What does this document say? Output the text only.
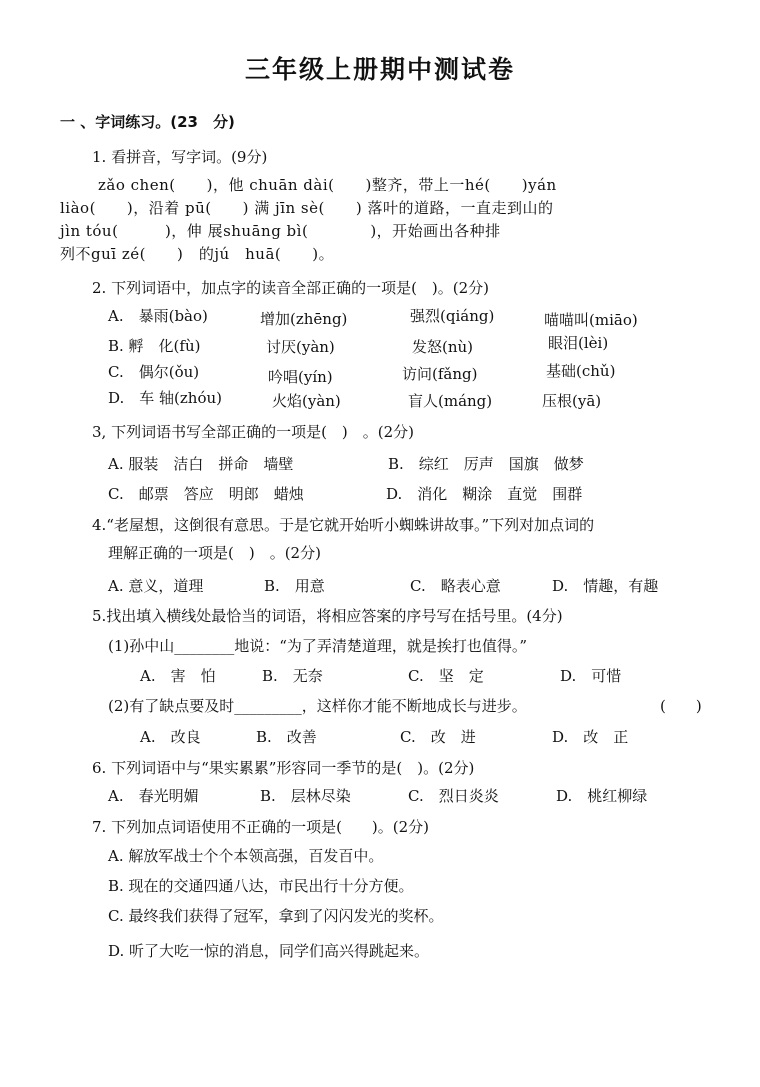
三年级上册期中测试卷
一 、字词练习。(23　分)
1. 看拼音，写字词。(9分)
zǎo chen(　　)，他 chuān dài(　　)整齐，带上一hé(　　)yán
liào(　　)，沿着 pū(　　) 满 jīn sè(　　) 落叶的道路，一直走到山的
jìn tóu(　　　)，伸 展shuāng bì(　　　　)，开始画出各种排
列不guī zé(　　)　的jú　huā(　　)。
2. 下列词语中，加点字的读音全部正确的一项是(　)。(2分)
A.　暴雨(bào)	增加(zhēng)	强烈(qiáng)	喵喵叫(miāo)
B. 孵　化(fù)	讨厌(yàn)	发怒(nù)	眼泪(lèi)
C.　偶尔(ǒu)	吟唱(yín)	访问(fǎng)	基础(chǔ)
D.　车 轴(zhóu)	火焰(yàn)	盲人(máng)	压根(yā)
3, 下列词语书写全部正确的一项是(　)　。(2分)
A. 服装　洁白　拼命　墙壁	B.　综红　厉声　国旗　做梦
C.　邮票　答应　明郎　蜡烛	D.　消化　糊涂　直觉　围群
4.“老屋想，这倒很有意思。于是它就开始听小蜘蛛讲故事。”下列对加点词的
理解正确的一项是(　)　。(2分)
A. 意义，道理	B.　用意	C.　略表心意	D.　情趣，有趣
5.找出填入横线处最恰当的词语，将相应答案的序号写在括号里。(4分)
(1)孙中山________地说：“为了弄清楚道理，就是挨打也值得。”
A.　害　怕	B.　无奈	C.　坚　定	D.　可惜
(2)有了缺点要及时_________，这样你才能不断地成长与进步。	(　　)
A.　改良	B.　改善	C.　改　进	D.　改　正
6. 下列词语中与“果实累累”形容同一季节的是(　)。(2分)
A.　春光明媚	B.　层林尽染	C.　烈日炎炎	D.　桃红柳绿
7. 下列加点词语使用不正确的一项是(　　)。(2分)
A. 解放军战士个个本领高强，百发百中。
B. 现在的交通四通八达，市民出行十分方便。
C. 最终我们获得了冠军，拿到了闪闪发光的奖杯。
D. 听了大吃一惊的消息，同学们高兴得跳起来。
